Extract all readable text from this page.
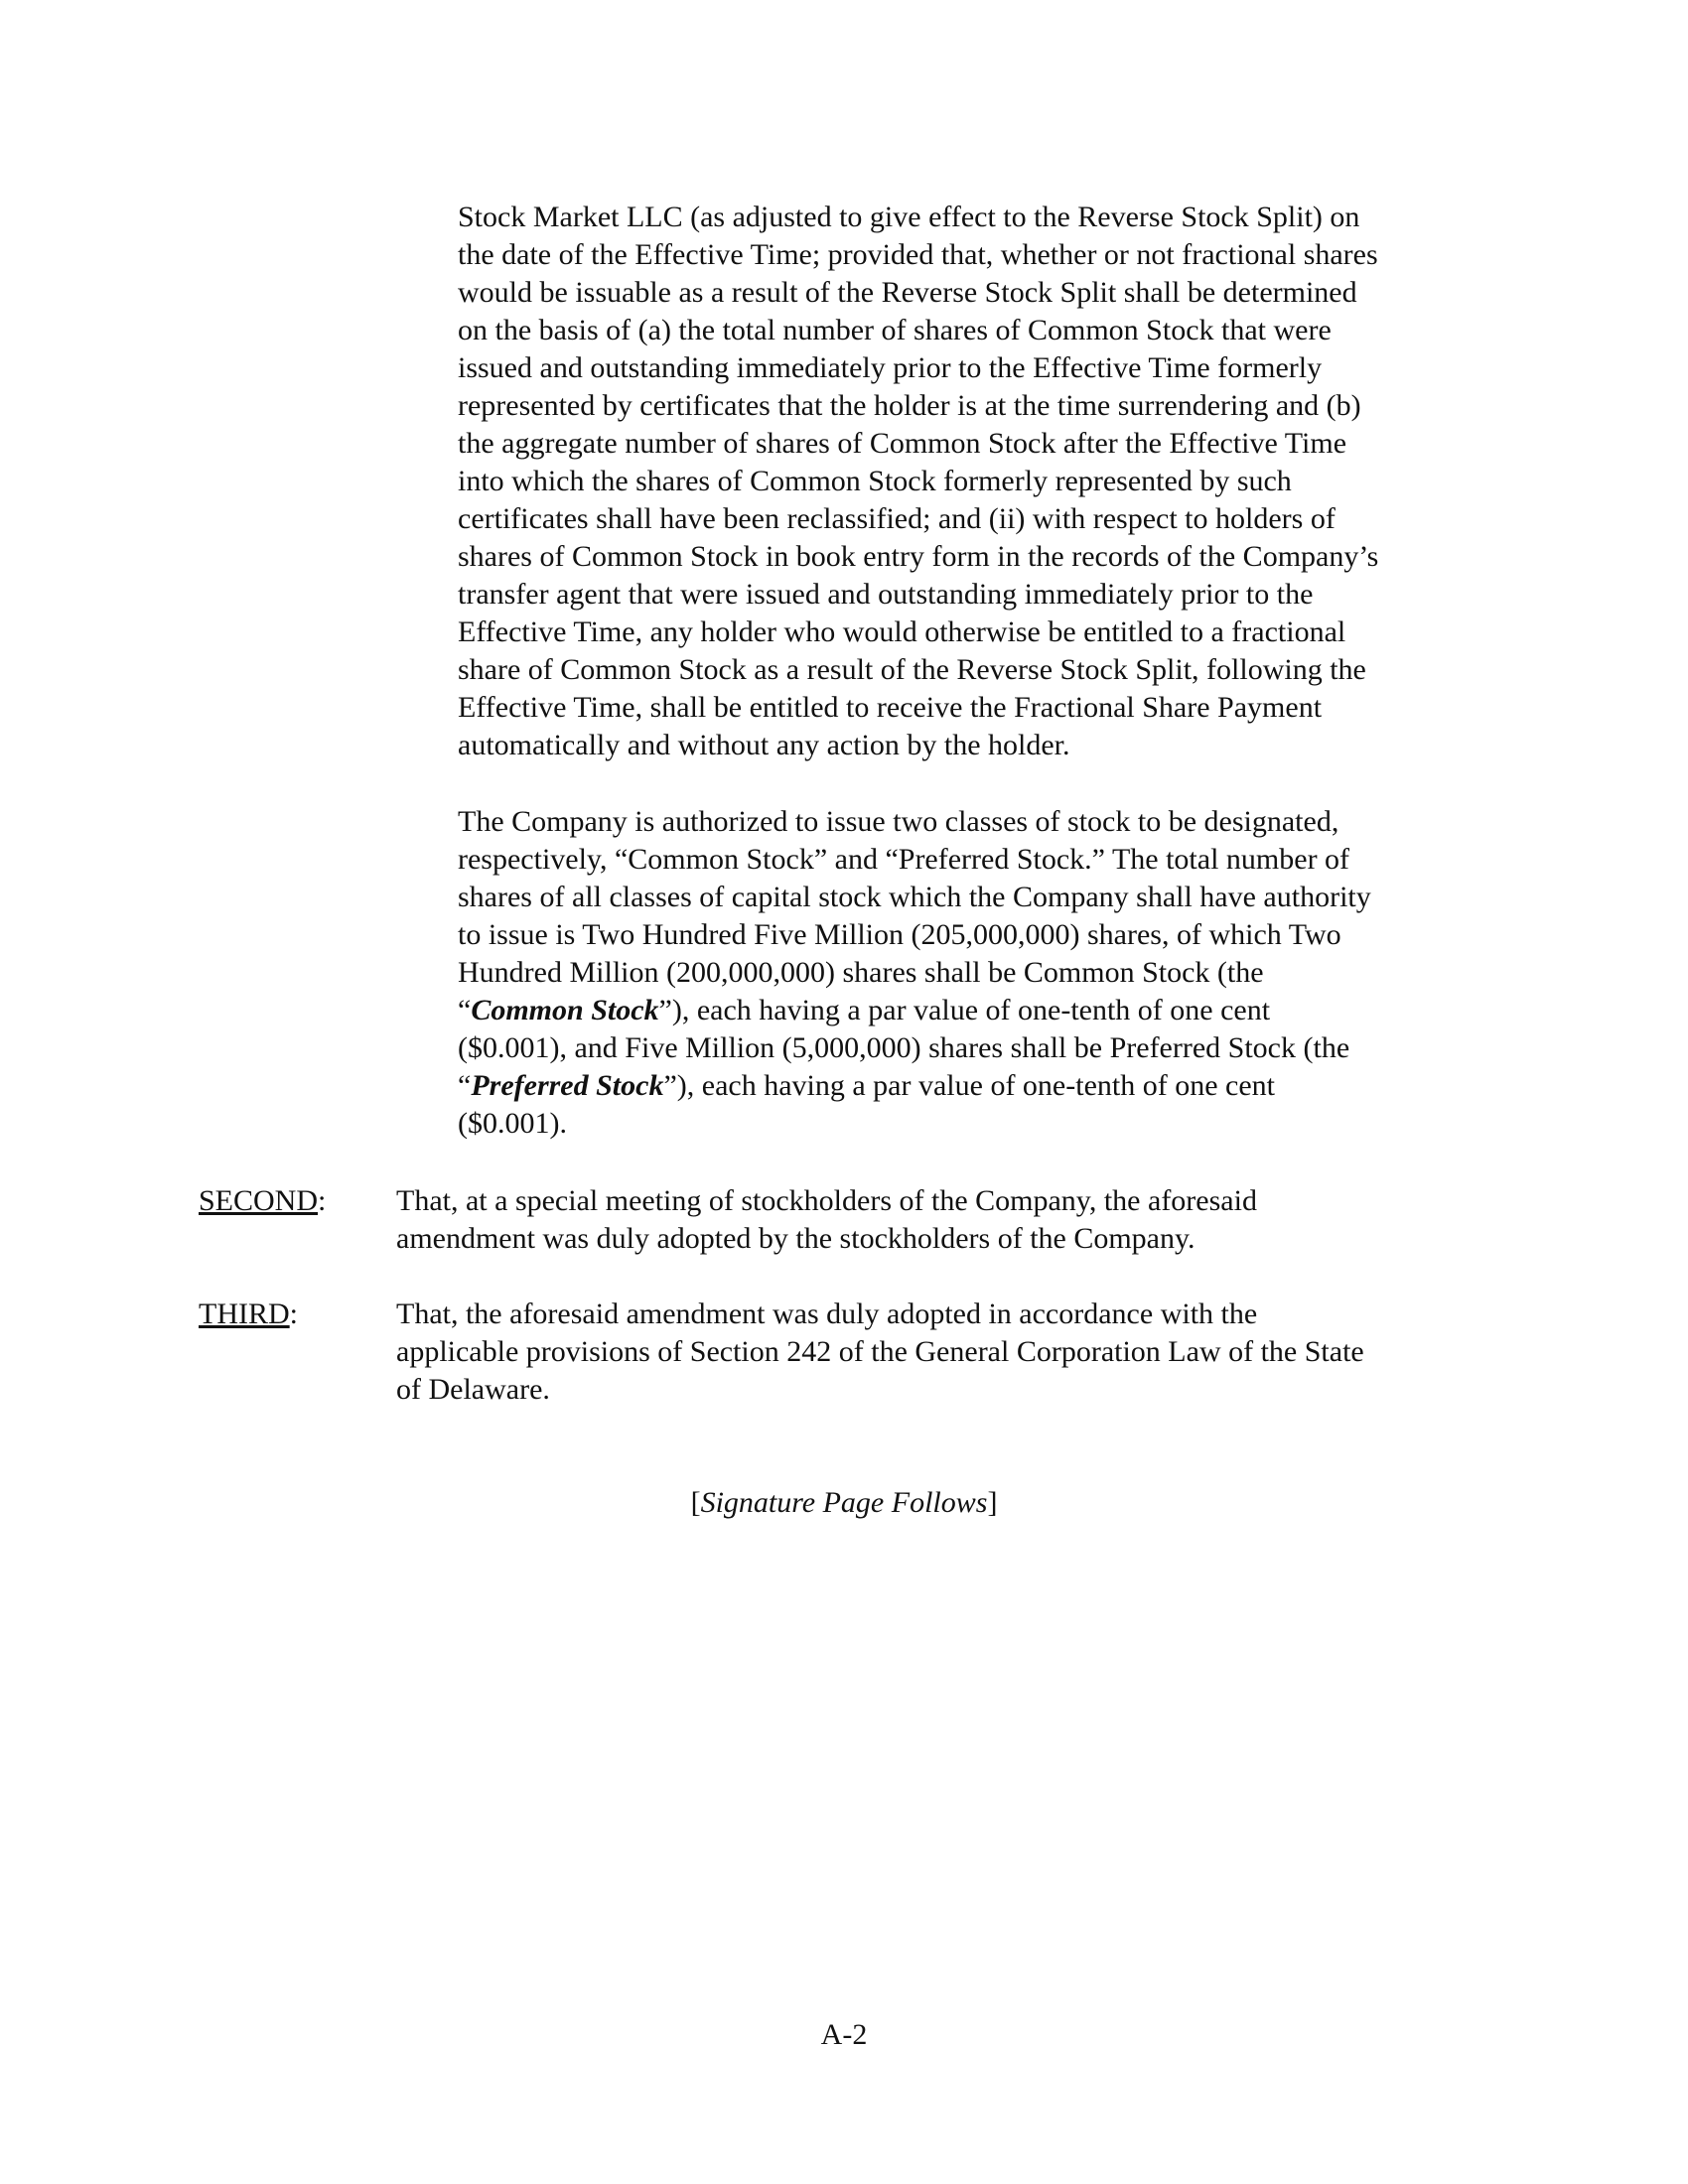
Stock Market LLC (as adjusted to give effect to the Reverse Stock Split) on
the date of the Effective Time; provided that, whether or not fractional shares
would be issuable as a result of the Reverse Stock Split shall be determined
on the basis of (a) the total number of shares of Common Stock that were
issued and outstanding immediately prior to the Effective Time formerly
represented by certificates that the holder is at the time surrendering and (b)
the aggregate number of shares of Common Stock after the Effective Time
into which the shares of Common Stock formerly represented by such
certificates shall have been reclassified; and (ii) with respect to holders of
shares of Common Stock in book entry form in the records of the Company’s
transfer agent that were issued and outstanding immediately prior to the
Effective Time, any holder who would otherwise be entitled to a fractional
share of Common Stock as a result of the Reverse Stock Split, following the
Effective Time, shall be entitled to receive the Fractional Share Payment
automatically and without any action by the holder.
The Company is authorized to issue two classes of stock to be designated,
respectively, “Common Stock” and “Preferred Stock.” The total number of
shares of all classes of capital stock which the Company shall have authority
to issue is Two Hundred Five Million (205,000,000) shares, of which Two
Hundred Million (200,000,000) shares shall be Common Stock (the
“Common Stock”), each having a par value of one-tenth of one cent
($0.001), and Five Million (5,000,000) shares shall be Preferred Stock (the
“Preferred Stock”), each having a par value of one-tenth of one cent
($0.001).
SECOND: That, at a special meeting of stockholders of the Company, the aforesaid
amendment was duly adopted by the stockholders of the Company.
THIRD:	That, the aforesaid amendment was duly adopted in accordance with the
applicable provisions of Section 242 of the General Corporation Law of the State
of Delaware.
[Signature Page Follows]
A-2
